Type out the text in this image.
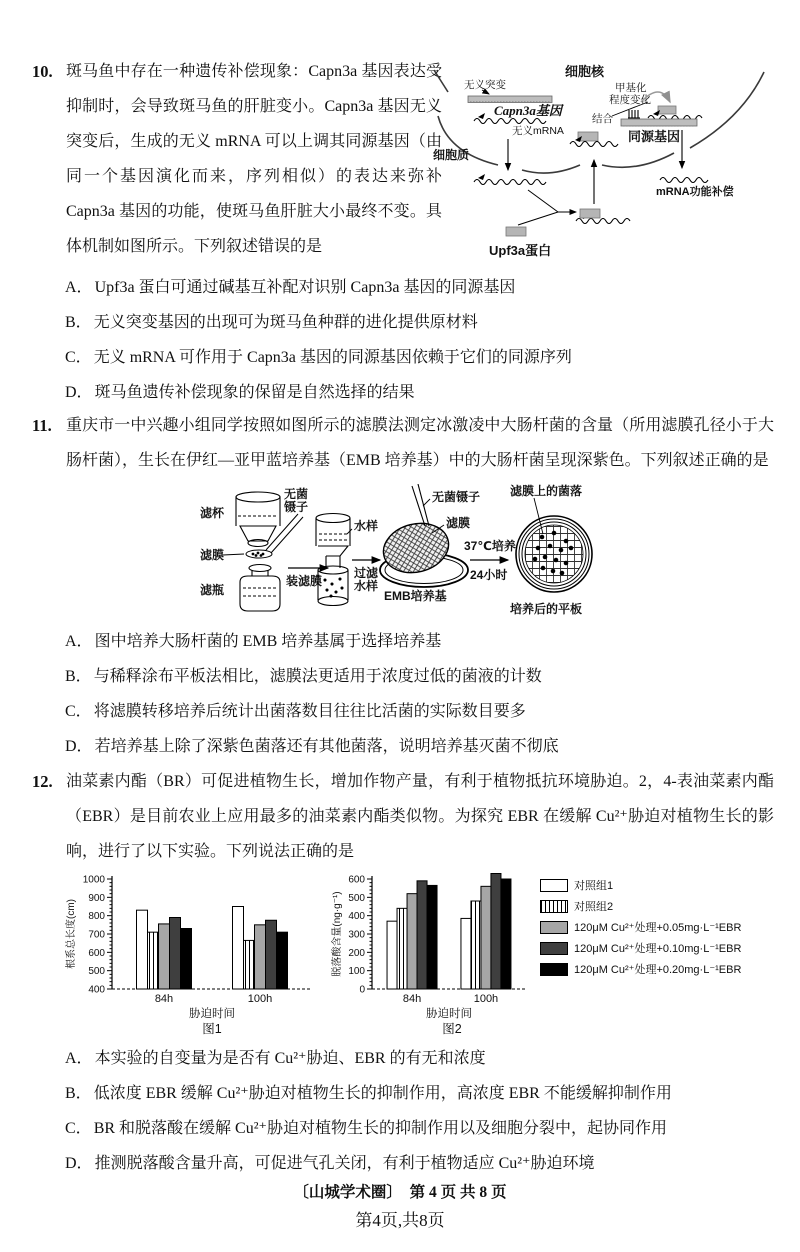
10. 斑马鱼中存在一种遗传补偿现象：Capn3a 基因表达受抑制时，会导致斑马鱼的肝脏变小。Capn3a 基因无义突变后，生成的无义 mRNA 可以上调其同源基因（由同一个基因演化而来，序列相似）的表达来弥补 Capn3a 基因的功能，使斑马鱼肝脏大小最终不变。具体机制如图所示。下列叙述错误的是
细胞核
细胞质
无义突变
Capn3a基因
无义mRNA
Upf3a蛋白
结合
甲基化
程度变化
同源基因
mRNA功能补偿
A． Upf3a 蛋白可通过碱基互补配对识别 Capn3a 基因的同源基因
B． 无义突变基因的出现可为斑马鱼种群的进化提供原材料
C． 无义 mRNA 可作用于 Capn3a 基因的同源基因依赖于它们的同源序列
D． 斑马鱼遗传补偿现象的保留是自然选择的结果
11. 重庆市一中兴趣小组同学按照如图所示的滤膜法测定冰激凌中大肠杆菌的含量（所用滤膜孔径小于大肠杆菌），生长在伊红—亚甲蓝培养基（EMB 培养基）中的大肠杆菌呈现深紫色。下列叙述正确的是
滤杯
无菌
镊子
滤膜
滤瓶
装滤膜
水样
过滤
水样
无菌镊子
滤膜
EMB培养基
37℃培养
24小时
滤膜上的菌落
培养后的平板
A． 图中培养大肠杆菌的 EMB 培养基属于选择培养基
B． 与稀释涂布平板法相比，滤膜法更适用于浓度过低的菌液的计数
C． 将滤膜转移培养后统计出菌落数目往往比活菌的实际数目要多
D． 若培养基上除了深紫色菌落还有其他菌落，说明培养基灭菌不彻底
12. 油菜素内酯（BR）可促进植物生长，增加作物产量，有利于植物抵抗环境胁迫。2，4-表油菜素内酯（EBR）是目前农业上应用最多的油菜素内酯类似物。为探究 EBR 在缓解 Cu²⁺胁迫对植物生长的影响，进行了以下实验。下列说法正确的是
400
500
600
700
800
900
1000
84h	100h
胁迫时间
根系总长度(cm)
图1
0
100
200
300
400
500
600
84h	100h
胁迫时间
脱落酸含量(ng·g⁻¹)
图2
对照组1
对照组2
120μM Cu²⁺处理+0.05mg·L⁻¹EBR
120μM Cu²⁺处理+0.10mg·L⁻¹EBR
120μM Cu²⁺处理+0.20mg·L⁻¹EBR
A． 本实验的自变量为是否有 Cu²⁺胁迫、EBR 的有无和浓度
B． 低浓度 EBR 缓解 Cu²⁺胁迫对植物生长的抑制作用，高浓度 EBR 不能缓解抑制作用
C． BR 和脱落酸在缓解 Cu²⁺胁迫对植物生长的抑制作用以及细胞分裂中，起协同作用
D． 推测脱落酸含量升高，可促进气孔关闭，有利于植物适应 Cu²⁺胁迫环境
〔山城学术圈〕　第 4 页 共 8 页
第4页,共8页
